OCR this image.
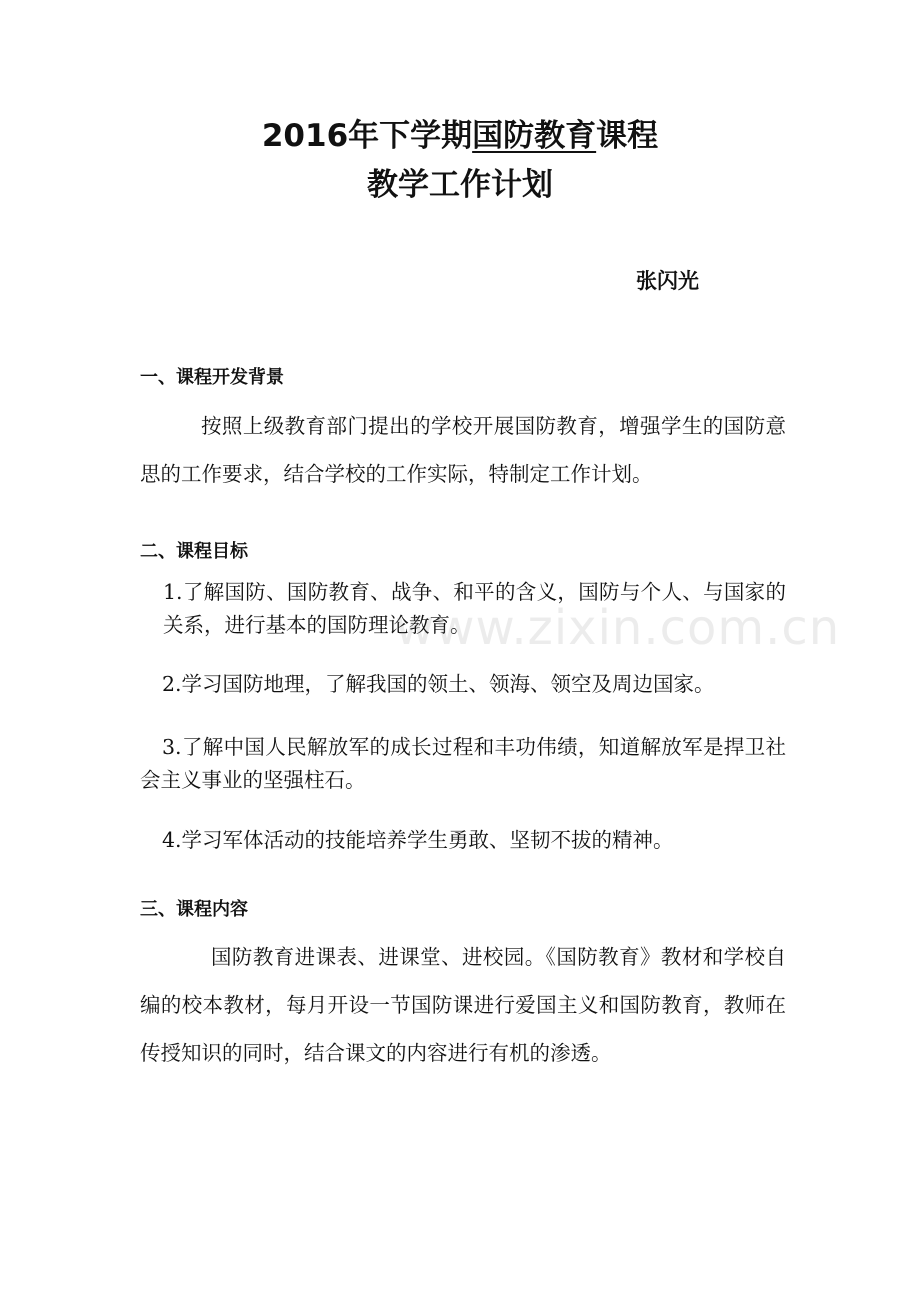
2016年下学期国防教育课程
教学工作计划
张闪光
一、课程开发背景

按照上级教育部门提出的学校开展国防教育，增强学生的国防意思的工作要求，结合学校的工作实际，特制定工作计划。

二、课程目标

1.了解国防、国防教育、战争、和平的含义，国防与个人、与国家的关系，进行基本的国防理论教育。

2.学习国防地理，了解我国的领土、领海、领空及周边国家。

3.了解中国人民解放军的成长过程和丰功伟绩，知道解放军是捍卫社会主义事业的坚强柱石。

4.学习军体活动的技能培养学生勇敢、坚韧不拔的精神。

三、课程内容

国防教育进课表、进课堂、进校园。《国防教育》教材和学校自编的校本教材，每月开设一节国防课进行爱国主义和国防教育，教师在传授知识的同时，结合课文的内容进行有机的渗透。

www.zixin.com.cn
